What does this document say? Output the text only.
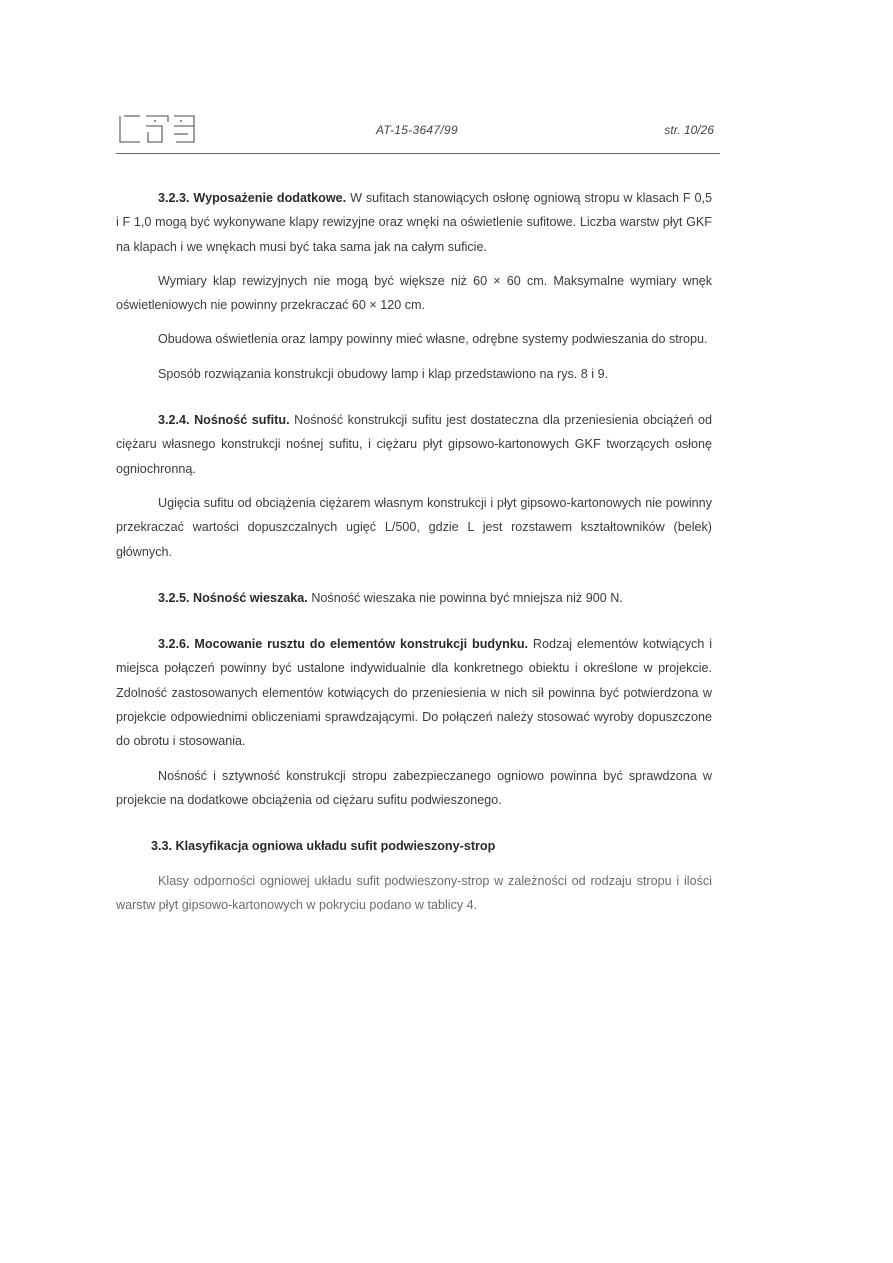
AT-15-3647/99	str. 10/26

3.2.3. Wyposażenie dodatkowe. W sufitach stanowiących osłonę ogniową stropu w klasach F 0,5 i F 1,0 mogą być wykonywane klapy rewizyjne oraz wnęki na oświetlenie sufitowe. Liczba warstw płyt GKF na klapach i we wnękach musi być taka sama jak na całym suficie.

Wymiary klap rewizyjnych nie mogą być większe niż 60 × 60 cm. Maksymalne wymiary wnęk oświetleniowych nie powinny przekraczać 60 × 120 cm.

Obudowa oświetlenia oraz lampy powinny mieć własne, odrębne systemy podwieszania do stropu.

Sposób rozwiązania konstrukcji obudowy lamp i klap przedstawiono na rys. 8 i 9.

3.2.4. Nośność sufitu. Nośność konstrukcji sufitu jest dostateczna dla przeniesienia obciążeń od ciężaru własnego konstrukcji nośnej sufitu, i ciężaru płyt gipsowo-kartonowych GKF tworzących osłonę ogniochronną.

Ugięcia sufitu od obciążenia ciężarem własnym konstrukcji i płyt gipsowo-kartonowych nie powinny przekraczać wartości dopuszczalnych ugięć L/500, gdzie L jest rozstawem kształtowników (belek) głównych.

3.2.5. Nośność wieszaka. Nośność wieszaka nie powinna być mniejsza niż 900 N.

3.2.6. Mocowanie rusztu do elementów konstrukcji budynku. Rodzaj elementów kotwiących i miejsca połączeń powinny być ustalone indywidualnie dla konkretnego obiektu i określone w projekcie. Zdolność zastosowanych elementów kotwiących do przeniesienia w nich sił powinna być potwierdzona w projekcie odpowiednimi obliczeniami sprawdzającymi. Do połączeń należy stosować wyroby dopuszczone do obrotu i stosowania.

Nośność i sztywność konstrukcji stropu zabezpieczanego ogniowo powinna być sprawdzona w projekcie na dodatkowe obciążenia od ciężaru sufitu podwieszonego.

3.3. Klasyfikacja ogniowa układu sufit podwieszony-strop

Klasy odporności ogniowej układu sufit podwieszony-strop w zależności od rodzaju stropu i ilości warstw płyt gipsowo-kartonowych w pokryciu podano w tablicy 4.
